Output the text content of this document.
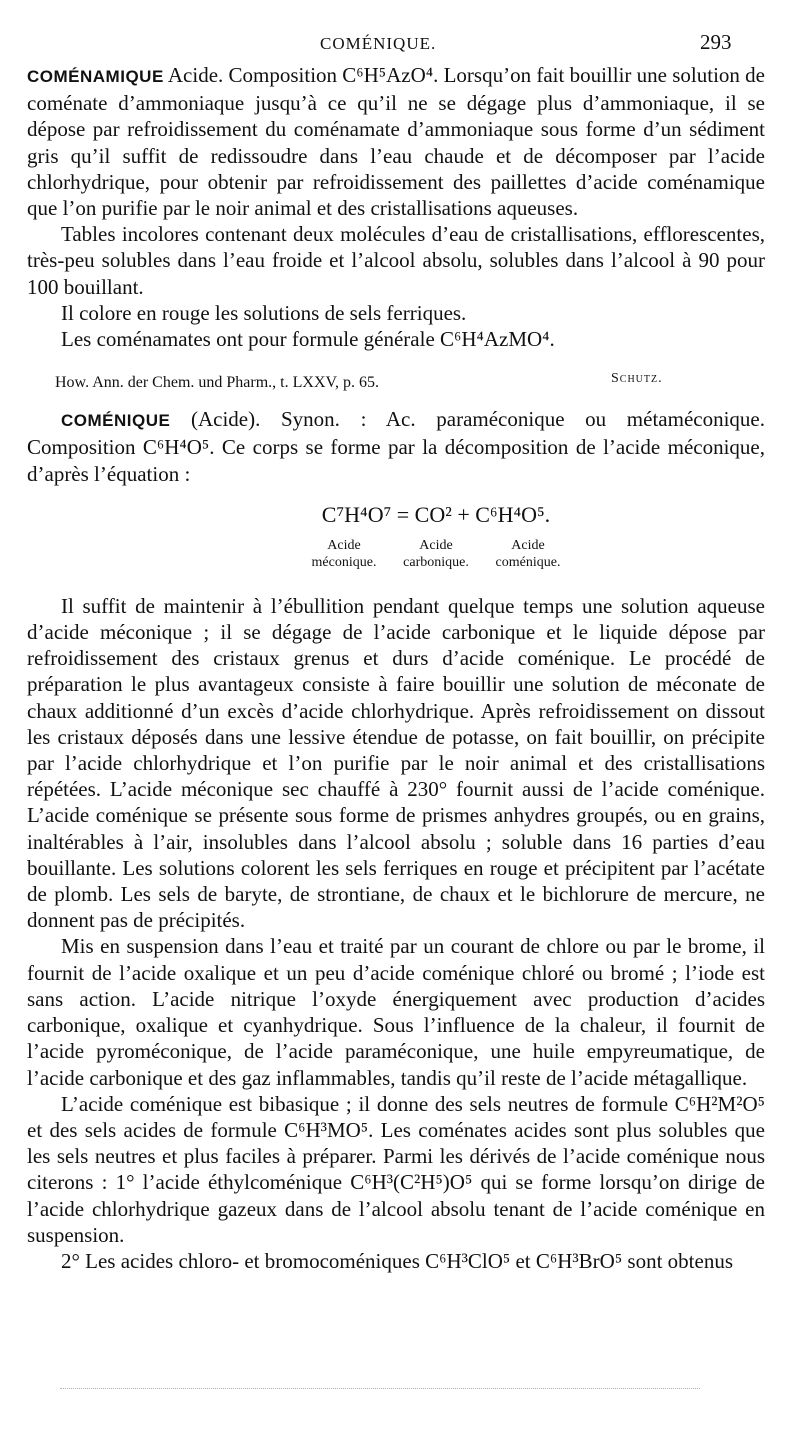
COMÉNIQUE.	293

COMÉNAMIQUE Acide. Composition C⁶H⁵AzO⁴. Lorsqu’on fait bouillir une solution de coménate d’ammoniaque jusqu’à ce qu’il ne se dégage plus d’ammoniaque, il se dépose par refroidissement du coménamate d’ammoniaque sous forme d’un sédiment gris qu’il suffit de redissoudre dans l’eau chaude et de décomposer par l’acide chlorhydrique, pour obtenir par refroidissement des paillettes d’acide coménamique que l’on purifie par le noir animal et des cristallisations aqueuses.

Tables incolores contenant deux molécules d’eau de cristallisations, efflorescentes, très-peu solubles dans l’eau froide et l’alcool absolu, solubles dans l’alcool à 90 pour 100 bouillant.

Il colore en rouge les solutions de sels ferriques.

Les coménamates ont pour formule générale C⁶H⁴AzMO⁴.

How. Ann. der Chem. und Pharm., t. LXXV, p. 65.	Schutz.

COMÉNIQUE (Acide). Synon. : Ac. paraméconique ou métaméconique. Composition C⁶H⁴O⁵. Ce corps se forme par la décomposition de l’acide méconique, d’après l’équation :

C⁷H⁴O⁷ = CO² + C⁶H⁴O⁵.
Acide méconique.
Acide carbonique.
Acide coménique.

Il suffit de maintenir à l’ébullition pendant quelque temps une solution aqueuse d’acide méconique ; il se dégage de l’acide carbonique et le liquide dépose par refroidissement des cristaux grenus et durs d’acide coménique. Le procédé de préparation le plus avantageux consiste à faire bouillir une solution de méconate de chaux additionné d’un excès d’acide chlorhydrique. Après refroidissement on dissout les cristaux déposés dans une lessive étendue de potasse, on fait bouillir, on précipite par l’acide chlorhydrique et l’on purifie par le noir animal et des cristallisations répétées. L’acide méconique sec chauffé à 230° fournit aussi de l’acide coménique. L’acide coménique se présente sous forme de prismes anhydres groupés, ou en grains, inaltérables à l’air, insolubles dans l’alcool absolu ; soluble dans 16 parties d’eau bouillante. Les solutions colorent les sels ferriques en rouge et précipitent par l’acétate de plomb. Les sels de baryte, de strontiane, de chaux et le bichlorure de mercure, ne donnent pas de précipités.

Mis en suspension dans l’eau et traité par un courant de chlore ou par le brome, il fournit de l’acide oxalique et un peu d’acide coménique chloré ou bromé ; l’iode est sans action. L’acide nitrique l’oxyde énergiquement avec production d’acides carbonique, oxalique et cyanhydrique. Sous l’influence de la chaleur, il fournit de l’acide pyroméconique, de l’acide paraméconique, une huile empyreumatique, de l’acide carbonique et des gaz inflammables, tandis qu’il reste de l’acide métagallique.

L’acide coménique est bibasique ; il donne des sels neutres de formule C⁶H²M²O⁵ et des sels acides de formule C⁶H³MO⁵. Les coménates acides sont plus solubles que les sels neutres et plus faciles à préparer. Parmi les dérivés de l’acide coménique nous citerons : 1° l’acide éthylcoménique C⁶H³(C²H⁵)O⁵ qui se forme lorsqu’on dirige de l’acide chlorhydrique gazeux dans de l’alcool absolu tenant de l’acide coménique en suspension.

2° Les acides chloro- et bromocoméniques C⁶H³ClO⁵ et C⁶H³BrO⁵ sont obtenus
